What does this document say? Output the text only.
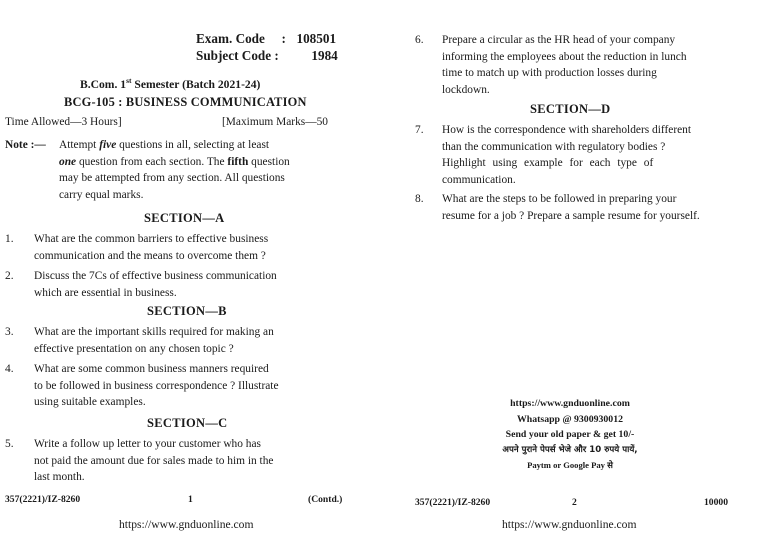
Exam. Code : 108501
Subject Code : 1984
B.Com. 1st Semester (Batch 2021-24)
BCG-105 : BUSINESS COMMUNICATION
Time Allowed—3 Hours]	[Maximum Marks—50
Note :— Attempt five questions in all, selecting at least
one question from each section. The fifth question
may be attempted from any section. All questions
carry equal marks.
SECTION—A
1. What are the common barriers to effective business
communication and the means to overcome them ?
2. Discuss the 7Cs of effective business communication
which are essential in business.
SECTION—B
3. What are the important skills required for making an
effective presentation on any chosen topic ?
4. What are some common business manners required
to be followed in business correspondence ? Illustrate
using suitable examples.
SECTION—C
5. Write a follow up letter to your customer who has
not paid the amount due for sales made to him in the
last month.
357(2221)/IZ-8260	1	(Contd.)
https://www.gnduonline.com
6. Prepare a circular as the HR head of your company
informing the employees about the reduction in lunch
time to match up with production losses during
lockdown.
SECTION—D
7. How is the correspondence with shareholders different
than the communication with regulatory bodies ?
Highlight using example for each type of
communication.
8. What are the steps to be followed in preparing your
resume for a job ? Prepare a sample resume for yourself.
https://www.gnduonline.com
Whatsapp @ 9300930012
Send your old paper & get 10/-
अपने पुराने पेपर्स भेजे और 10 रुपये पायें,
Paytm or Google Pay से
357(2221)/IZ-8260	2	10000
https://www.gnduonline.com
